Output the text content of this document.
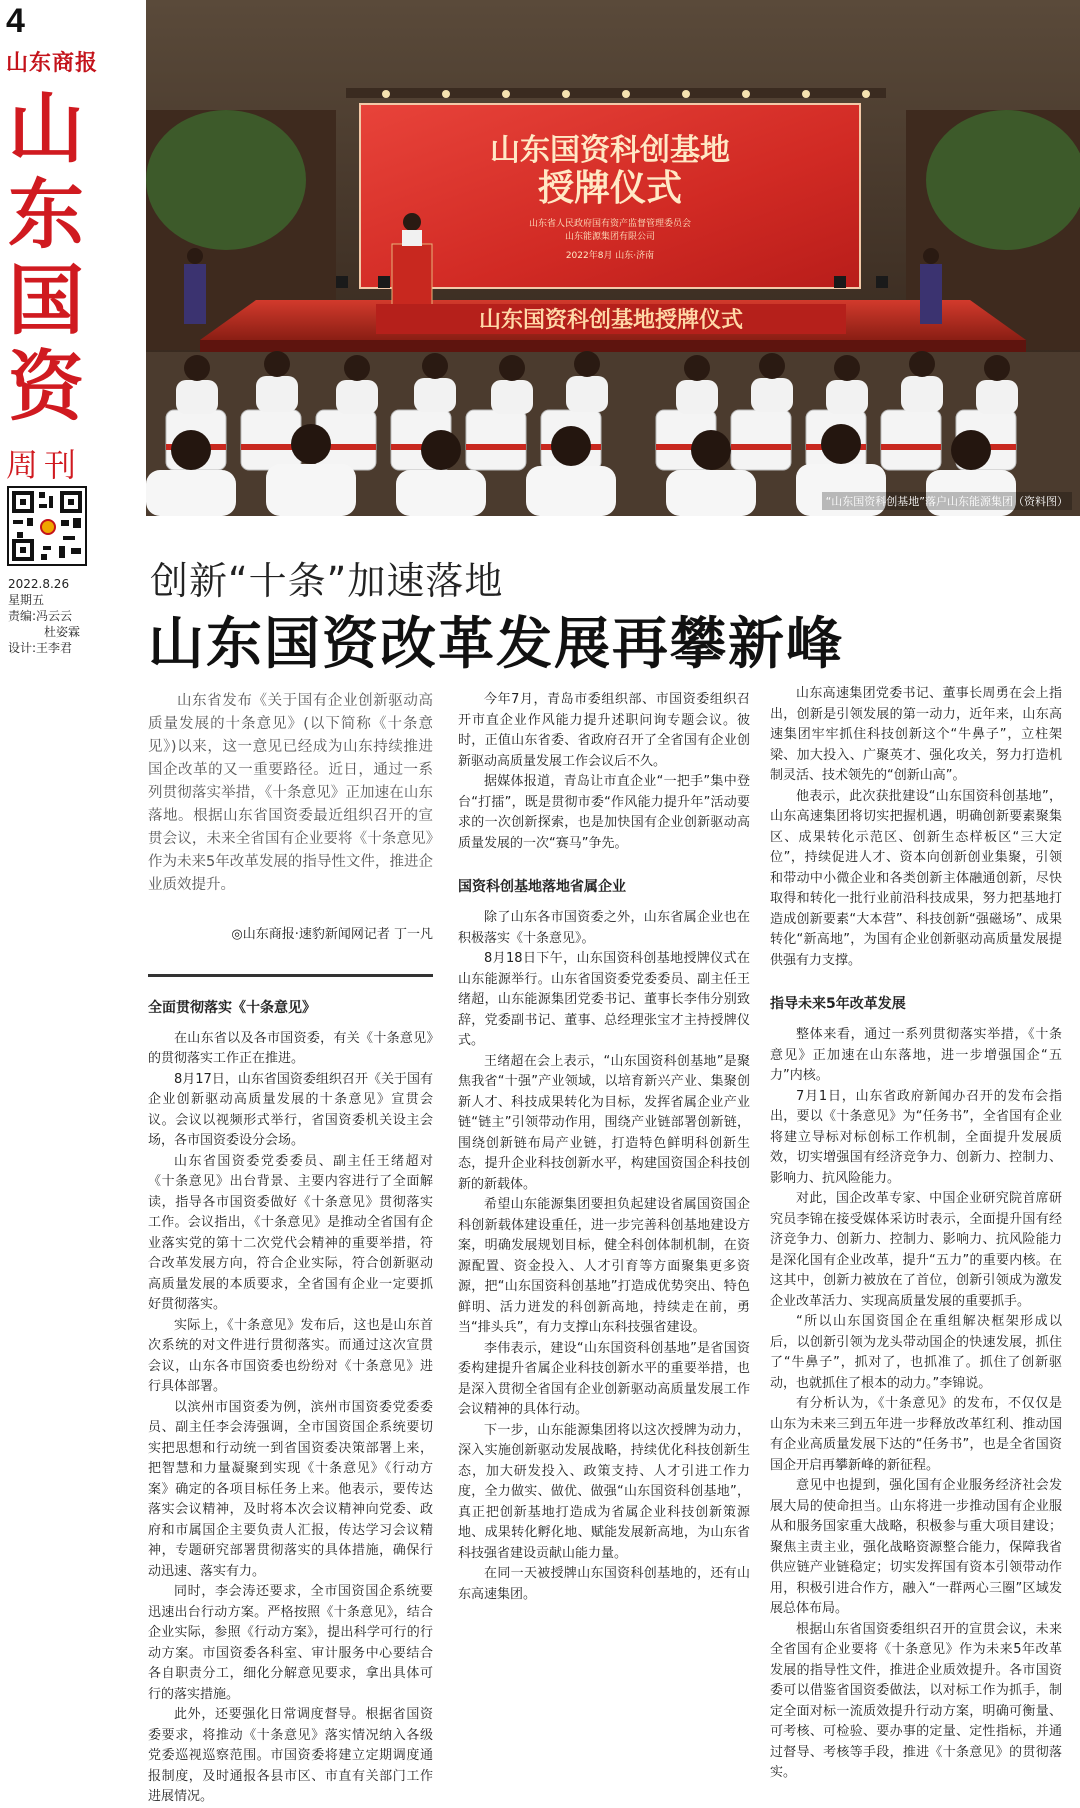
4
山东商报
山
东
国
资
周刊
2022.8.26
星期五
责编:冯云云
杜姿霖
设计:王李君
山东国资科创基地
授牌仪式
山东省人民政府国有资产监督管理委员会
山东能源集团有限公司
2022年8月 山东·济南
山东国资科创基地授牌仪式
“山东国资科创基地”落户山东能源集团（资料图）
创新“十条”加速落地
山东国资改革发展再攀新峰

山东省发布《关于国有企业创新驱动高质量发展的十条意见》(以下简称《十条意见》)以来，这一意见已经成为山东持续推进国企改革的又一重要路径。近日，通过一系列贯彻落实举措，《十条意见》正加速在山东落地。根据山东省国资委最近组织召开的宣贯会议，未来全省国有企业要将《十条意见》作为未来5年改革发展的指导性文件，推进企业质效提升。

◎山东商报·速豹新闻网记者 丁一凡
全面贯彻落实《十条意见》

在山东省以及各市国资委，有关《十条意见》的贯彻落实工作正在推进。

8月17日，山东省国资委组织召开《关于国有企业创新驱动高质量发展的十条意见》宣贯会议。会议以视频形式举行，省国资委机关设主会场，各市国资委设分会场。

山东省国资委党委委员、副主任王绪超对《十条意见》出台背景、主要内容进行了全面解读，指导各市国资委做好《十条意见》贯彻落实工作。会议指出，《十条意见》是推动全省国有企业落实党的第十二次党代会精神的重要举措，符合改革发展方向，符合企业实际，符合创新驱动高质量发展的本质要求，全省国有企业一定要抓好贯彻落实。

实际上，《十条意见》发布后，这也是山东首次系统的对文件进行贯彻落实。而通过这次宣贯会议，山东各市国资委也纷纷对《十条意见》进行具体部署。

以滨州市国资委为例，滨州市国资委党委委员、副主任李会涛强调，全市国资国企系统要切实把思想和行动统一到省国资委决策部署上来，把智慧和力量凝聚到实现《十条意见》《行动方案》确定的各项目标任务上来。他表示，要传达落实会议精神，及时将本次会议精神向党委、政府和市属国企主要负责人汇报，传达学习会议精神，专题研究部署贯彻落实的具体措施，确保行动迅速、落实有力。

同时，李会涛还要求，全市国资国企系统要迅速出台行动方案。严格按照《十条意见》，结合企业实际，参照《行动方案》，提出科学可行的行动方案。市国资委各科室、审计服务中心要结合各自职责分工，细化分解意见要求，拿出具体可行的落实措施。

此外，还要强化日常调度督导。根据省国资委要求，将推动《十条意见》落实情况纳入各级党委巡视巡察范围。市国资委将建立定期调度通报制度，及时通报各县市区、市直有关部门工作进展情况。

今年7月，青岛市委组织部、市国资委组织召开市直企业作风能力提升述职问询专题会议。彼时，正值山东省委、省政府召开了全省国有企业创新驱动高质量发展工作会议后不久。

据媒体报道，青岛让市直企业“一把手”集中登台“打擂”，既是贯彻市委“作风能力提升年”活动要求的一次创新探索，也是加快国有企业创新驱动高质量发展的一次“赛马”争先。

国资科创基地落地省属企业

除了山东各市国资委之外，山东省属企业也在积极落实《十条意见》。

8月18日下午，山东国资科创基地授牌仪式在山东能源举行。山东省国资委党委委员、副主任王绪超，山东能源集团党委书记、董事长李伟分别致辞，党委副书记、董事、总经理张宝才主持授牌仪式。

王绪超在会上表示，“山东国资科创基地”是聚焦我省“十强”产业领域，以培育新兴产业、集聚创新人才、科技成果转化为目标，发挥省属企业产业链“链主”引领带动作用，围绕产业链部署创新链，围绕创新链布局产业链，打造特色鲜明科创新生态，提升企业科技创新水平，构建国资国企科技创新的新载体。

希望山东能源集团要担负起建设省属国资国企科创新载体建设重任，进一步完善科创基地建设方案，明确发展规划目标，健全科创体制机制，在资源配置、资金投入、人才引育等方面聚集更多资源，把“山东国资科创基地”打造成优势突出、特色鲜明、活力迸发的科创新高地，持续走在前，勇当“排头兵”，有力支撑山东科技强省建设。

李伟表示，建设“山东国资科创基地”是省国资委构建提升省属企业科技创新水平的重要举措，也是深入贯彻全省国有企业创新驱动高质量发展工作会议精神的具体行动。

下一步，山东能源集团将以这次授牌为动力，深入实施创新驱动发展战略，持续优化科技创新生态，加大研发投入、政策支持、人才引进工作力度，全力做实、做优、做强“山东国资科创基地”，真正把创新基地打造成为省属企业科技创新策源地、成果转化孵化地、赋能发展新高地，为山东省科技强省建设贡献山能力量。

在同一天被授牌山东国资科创基地的，还有山东高速集团。

山东高速集团党委书记、董事长周勇在会上指出，创新是引领发展的第一动力，近年来，山东高速集团牢牢抓住科技创新这个“牛鼻子”，立柱架梁、加大投入、广聚英才、强化攻关，努力打造机制灵活、技术领先的“创新山高”。

他表示，此次获批建设“山东国资科创基地”，山东高速集团将切实把握机遇，明确创新要素聚集区、成果转化示范区、创新生态样板区“三大定位”，持续促进人才、资本向创新创业集聚，引领和带动中小微企业和各类创新主体融通创新，尽快取得和转化一批行业前沿科技成果，努力把基地打造成创新要素“大本营”、科技创新“强磁场”、成果转化“新高地”，为国有企业创新驱动高质量发展提供强有力支撑。

指导未来5年改革发展

整体来看，通过一系列贯彻落实举措，《十条意见》正加速在山东落地，进一步增强国企“五力”内核。

7月1日，山东省政府新闻办召开的发布会指出，要以《十条意见》为“任务书”，全省国有企业将建立导标对标创标工作机制，全面提升发展质效，切实增强国有经济竞争力、创新力、控制力、影响力、抗风险能力。

对此，国企改革专家、中国企业研究院首席研究员李锦在接受媒体采访时表示，全面提升国有经济竞争力、创新力、控制力、影响力、抗风险能力是深化国有企业改革，提升“五力”的重要内核。在这其中，创新力被放在了首位，创新引领成为激发企业改革活力、实现高质量发展的重要抓手。

“所以山东国资国企在重组解决框架形成以后，以创新引领为龙头带动国企的快速发展，抓住了“牛鼻子”，抓对了，也抓准了。抓住了创新驱动，也就抓住了根本的动力。”李锦说。

有分析认为，《十条意见》的发布，不仅仅是山东为未来三到五年进一步释放改革红利、推动国有企业高质量发展下达的“任务书”，也是全省国资国企开启再攀新峰的新征程。

意见中也提到，强化国有企业服务经济社会发展大局的使命担当。山东将进一步推动国有企业服从和服务国家重大战略，积极参与重大项目建设；聚焦主责主业，强化战略资源整合能力，保障我省供应链产业链稳定；切实发挥国有资本引领带动作用，积极引进合作方，融入“一群两心三圈”区域发展总体布局。

根据山东省国资委组织召开的宣贯会议，未来全省国有企业要将《十条意见》作为未来5年改革发展的指导性文件，推进企业质效提升。各市国资委可以借鉴省国资委做法，以对标工作为抓手，制定全面对标一流质效提升行动方案，明确可衡量、可考核、可检验、要办事的定量、定性指标，并通过督导、考核等手段，推进《十条意见》的贯彻落实。
